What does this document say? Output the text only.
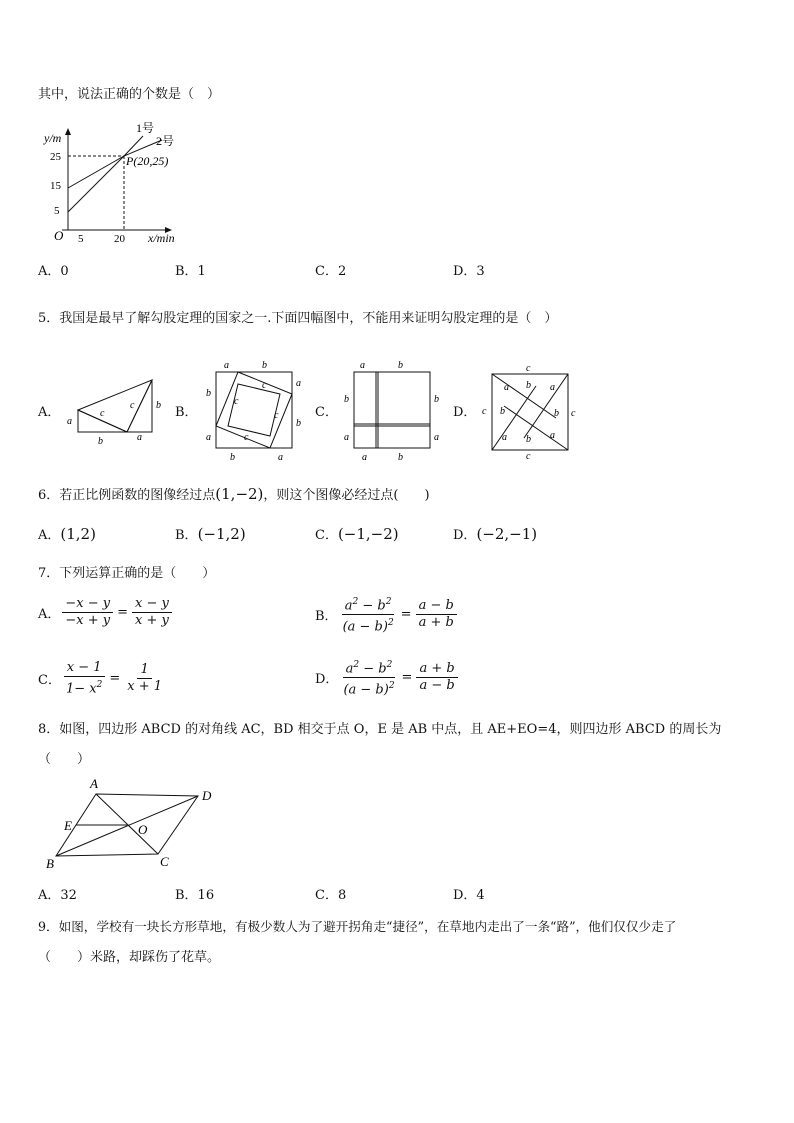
其中，说法正确的个数是（　）
y/m
25
15
5
O 5	20 x/min
1号
2号
P(20,25)
A．0	B．1	C．2	D．3
5．我国是最早了解勾股定理的国家之一.下面四幅图中，不能用来证明勾股定理的是（　）
A．
a
b
c
c b
a
B．
a	b
b
a
a
b
b	a
c
c
c
c
C．
a	b
b
a
b
a
a	b
D．
c
c	c
c
a b a
b	b
a b a
6．若正比例函数的图像经过点(1,−2)，则这个图像必经过点(　　)
A．(1,2)	B．(−1,2)	C．(−1,−2)	D．(−2,−1)
7．下列运算正确的是（　　）
A． $\frac{-x - y}{-x + y} = \frac{x - y}{x + y}$	B． $\frac{a^2 - b^2}{(a - b)^2} = \frac{a - b}{a + b}$
C． $\frac{x - 1}{1- x^2} = \frac{1}{x + 1}$	D． $\frac{a^2 - b^2}{(a - b)^2} = \frac{a + b}{a - b}$
8．如图，四边形 ABCD 的对角线 AC，BD 相交于点 O，E 是 AB 中点，且 AE+EO=4，则四边形 ABCD 的周长为
（　　）
A
D
E	O
B	C
A．32	B．16	C．8	D．4
9．如图，学校有一块长方形草地，有极少数人为了避开拐角走“捷径”，在草地内走出了一条“路”，他们仅仅少走了
（　　）米路，却踩伤了花草。
